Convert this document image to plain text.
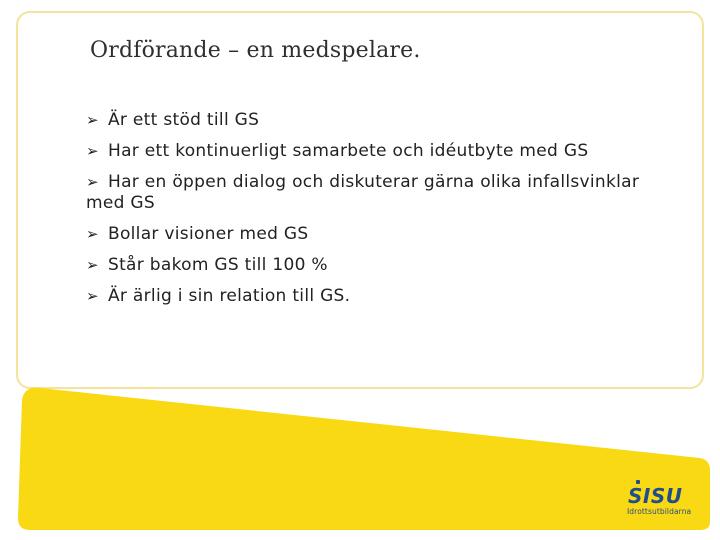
Ordförande – en medspelare.
➢ Är ett stöd till GS
➢ Har ett kontinuerligt samarbete och idéutbyte med GS
➢ Har en öppen dialog och diskuterar gärna olika infallsvinklar med GS
➢ Bollar visioner med GS
➢ Står bakom GS till 100 %
➢ Är ärlig i sin relation till GS.
SISU
Idrottsutbildarna
